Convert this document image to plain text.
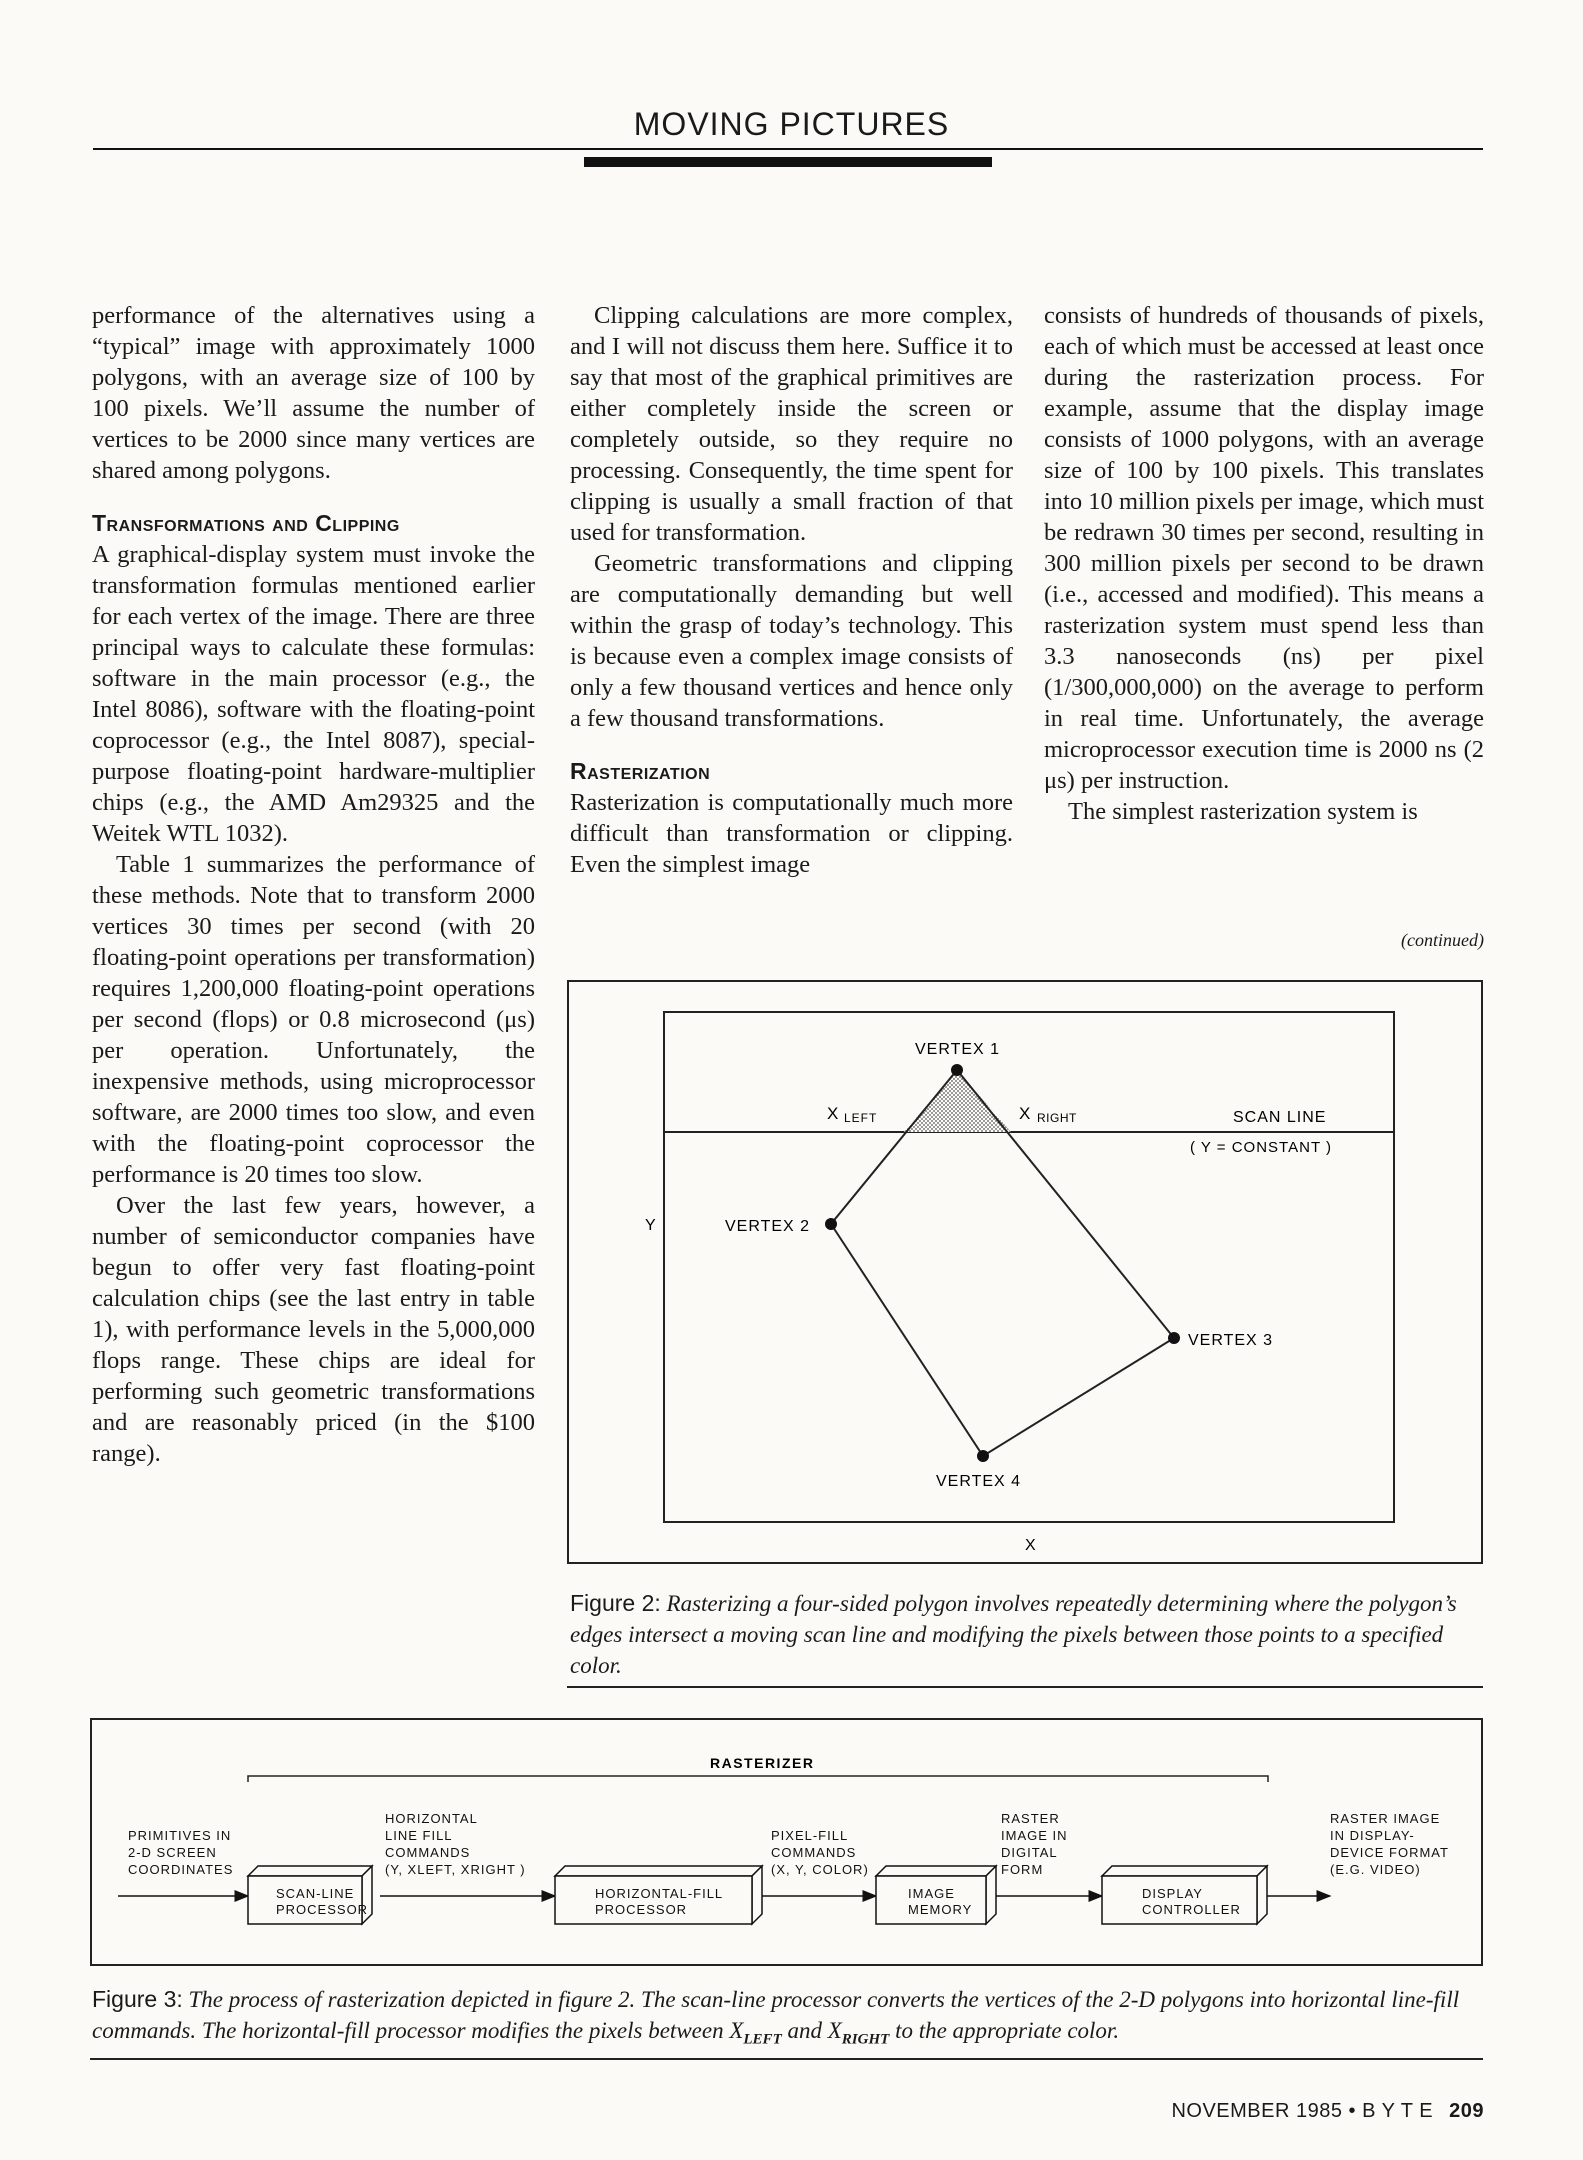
MOVING PICTURES

performance of the alternatives using a “typical” image with approximately 1000 polygons, with an average size of 100 by 100 pixels. We’ll assume the number of vertices to be 2000 since many vertices are shared among polygons.

Transformations and Clipping

A graphical-display system must invoke the transformation formulas mentioned earlier for each vertex of the image. There are three principal ways to calculate these formulas: software in the main processor (e.g., the Intel 8086), software with the floating-point coprocessor (e.g., the Intel 8087), special-purpose floating-point hardware-multiplier chips (e.g., the AMD Am29325 and the Weitek WTL 1032).

Table 1 summarizes the performance of these methods. Note that to transform 2000 vertices 30 times per second (with 20 floating-point operations per transformation) requires 1,200,000 floating-point operations per second (flops) or 0.8 microsecond (μs) per operation. Unfortunately, the inexpensive methods, using microprocessor software, are 2000 times too slow, and even with the floating-point coprocessor the performance is 20 times too slow.

Over the last few years, however, a number of semiconductor companies have begun to offer very fast floating-point calculation chips (see the last entry in table 1), with performance levels in the 5,000,000 flops range. These chips are ideal for performing such geometric transformations and are reasonably priced (in the $100 range).

Clipping calculations are more complex, and I will not discuss them here. Suffice it to say that most of the graphical primitives are either completely inside the screen or completely outside, so they require no processing. Consequently, the time spent for clipping is usually a small fraction of that used for transformation.

Geometric transformations and clipping are computationally demanding but well within the grasp of today’s technology. This is because even a complex image consists of only a few thousand vertices and hence only a few thousand transformations.

Rasterization

Rasterization is computationally much more difficult than transformation or clipping. Even the simplest image

consists of hundreds of thousands of pixels, each of which must be accessed at least once during the rasterization process. For example, assume that the display image consists of 1000 polygons, with an average size of 100 by 100 pixels. This translates into 10 million pixels per image, which must be redrawn 30 times per second, resulting in 300 million pixels per second to be drawn (i.e., accessed and modified). This means a rasterization system must spend less than 3.3 nanoseconds (ns) per pixel (1/300,000,000) on the average to perform in real time. Unfortunately, the average microprocessor execution time is 2000 ns (2 μs) per instruction.

The simplest rasterization system is

(continued)
VERTEX 1
VERTEX 2
VERTEX 3
VERTEX 4
X LEFT	X RIGHT	SCAN LINE
( Y = CONSTANT )
Y
X
Figure 2: Rasterizing a four-sided polygon involves repeatedly determining where the polygon’s edges intersect a moving scan line and modifying the pixels between those points to a specified color.
RASTERIZER
PRIMITIVES IN
2-D SCREEN
COORDINATES
HORIZONTAL
LINE FILL
COMMANDS
(Y, XLEFT, XRIGHT )
PIXEL-FILL
COMMANDS
(X, Y, COLOR)
RASTER
IMAGE IN
DIGITAL
FORM
RASTER IMAGE
IN DISPLAY-
DEVICE FORMAT
(E.G. VIDEO)
SCAN-LINE
PROCESSOR
HORIZONTAL-FILL
PROCESSOR
IMAGE
MEMORY
DISPLAY
CONTROLLER
Figure 3: The process of rasterization depicted in figure 2. The scan-line processor converts the vertices of the 2-D polygons into horizontal line-fill commands. The horizontal-fill processor modifies the pixels between $X_{LEFT}$ and $X_{RIGHT}$ to the appropriate color.
NOVEMBER 1985 • B Y T E 209
